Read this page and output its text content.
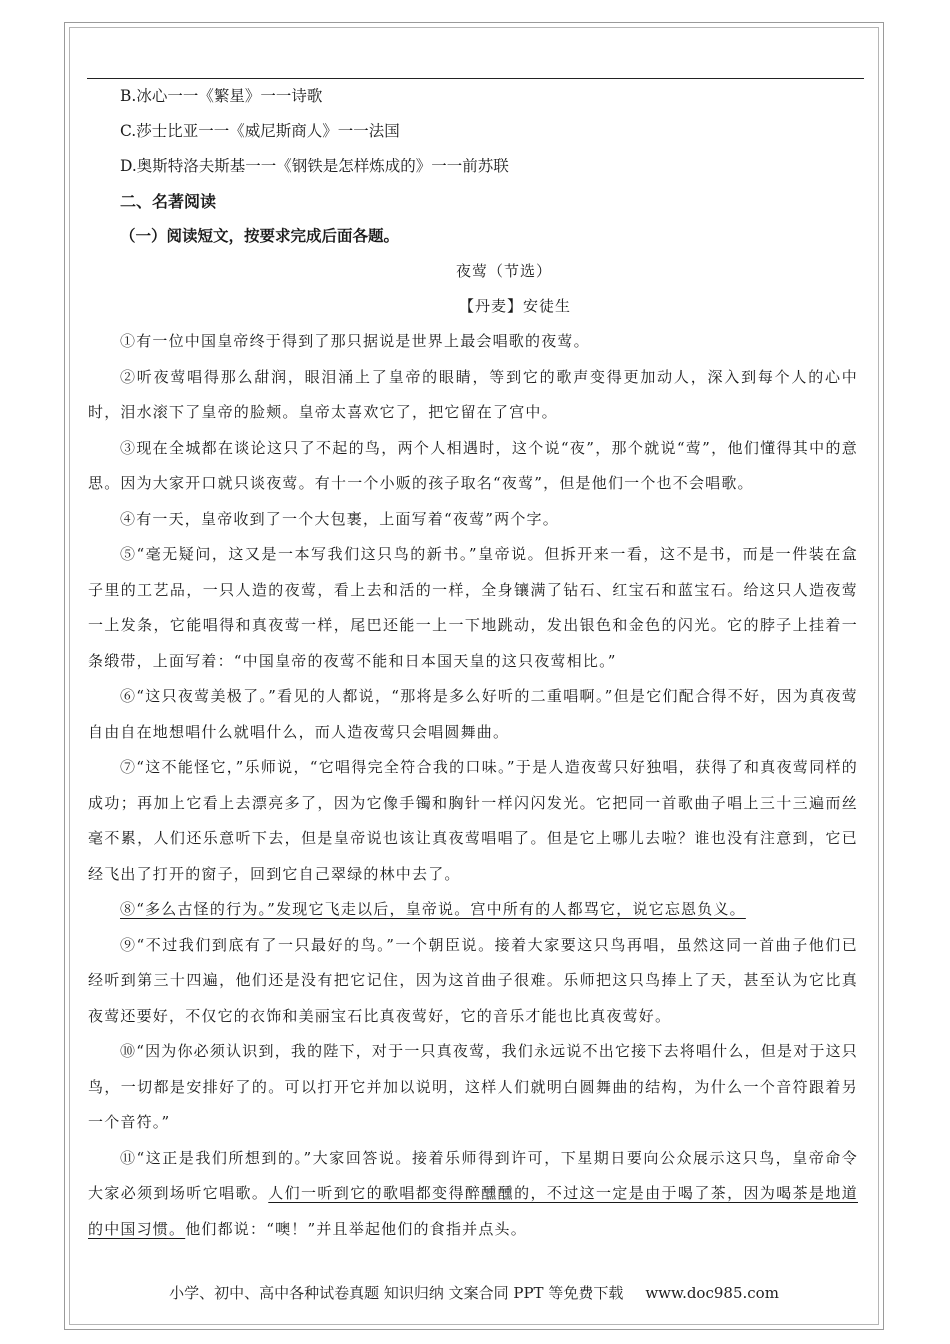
B.冰心一一《繁星》一一诗歌
C.莎士比亚一一《威尼斯商人》一一法国
D.奥斯特洛夫斯基一一《钢铁是怎样炼成的》一一前苏联
二、名著阅读
（一）阅读短文，按要求完成后面各题。
夜莺（节选）
【丹麦】安徒生

①有一位中国皇帝终于得到了那只据说是世界上最会唱歌的夜莺。

②听夜莺唱得那么甜润，眼泪涌上了皇帝的眼睛，等到它的歌声变得更加动人，深入到每个人的心中时，泪水滚下了皇帝的脸颊。皇帝太喜欢它了，把它留在了宫中。

③现在全城都在谈论这只了不起的鸟，两个人相遇时，这个说“夜”，那个就说“莺”，他们懂得其中的意思。因为大家开口就只谈夜莺。有十一个小贩的孩子取名“夜莺”，但是他们一个也不会唱歌。

④有一天，皇帝收到了一个大包裹，上面写着“夜莺”两个字。

⑤“毫无疑问，这又是一本写我们这只鸟的新书。”皇帝说。但拆开来一看，这不是书，而是一件装在盒子里的工艺品，一只人造的夜莺，看上去和活的一样，全身镶满了钻石、红宝石和蓝宝石。给这只人造夜莺一上发条，它能唱得和真夜莺一样，尾巴还能一上一下地跳动，发出银色和金色的闪光。它的脖子上挂着一条缎带，上面写着：“中国皇帝的夜莺不能和日本国天皇的这只夜莺相比。”

⑥“这只夜莺美极了。”看见的人都说，“那将是多么好听的二重唱啊。”但是它们配合得不好，因为真夜莺自由自在地想唱什么就唱什么，而人造夜莺只会唱圆舞曲。

⑦“这不能怪它，”乐师说，“它唱得完全符合我的口味。”于是人造夜莺只好独唱，获得了和真夜莺同样的成功；再加上它看上去漂亮多了，因为它像手镯和胸针一样闪闪发光。它把同一首歌曲子唱上三十三遍而丝毫不累，人们还乐意听下去，但是皇帝说也该让真夜莺唱唱了。但是它上哪儿去啦？谁也没有注意到，它已经飞出了打开的窗子，回到它自己翠绿的林中去了。

⑧“多么古怪的行为。”发现它飞走以后，皇帝说。宫中所有的人都骂它，说它忘恩负义。

⑨“不过我们到底有了一只最好的鸟。”一个朝臣说。接着大家要这只鸟再唱，虽然这同一首曲子他们已经听到第三十四遍，他们还是没有把它记住，因为这首曲子很难。乐师把这只鸟捧上了天，甚至认为它比真夜莺还要好，不仅它的衣饰和美丽宝石比真夜莺好，它的音乐才能也比真夜莺好。

⑩“因为你必须认识到，我的陛下，对于一只真夜莺，我们永远说不出它接下去将唱什么，但是对于这只鸟，一切都是安排好了的。可以打开它并加以说明，这样人们就明白圆舞曲的结构，为什么一个音符跟着另一个音符。”

⑪“这正是我们所想到的。”大家回答说。接着乐师得到许可，下星期日要向公众展示这只鸟，皇帝命令大家必须到场听它唱歌。人们一听到它的歌唱都变得醉醺醺的，不过这一定是由于喝了茶，因为喝茶是地道的中国习惯。他们都说：“噢！”并且举起他们的食指并点头。

小学、初中、高中各种试卷真题 知识归纳 文案合同 PPT 等免费下载 www.doc985.com
